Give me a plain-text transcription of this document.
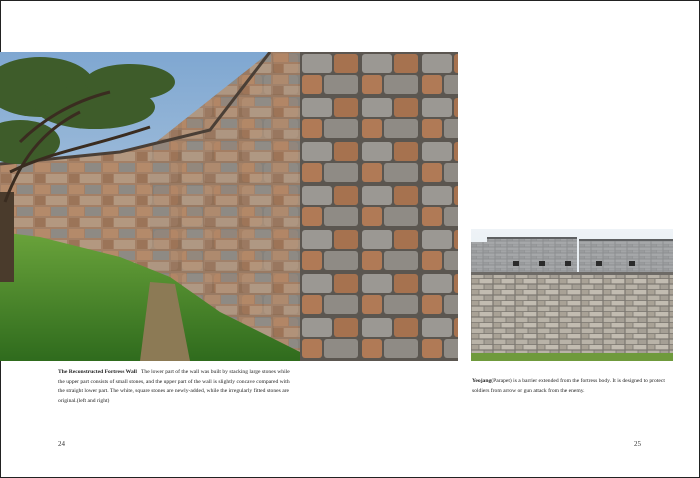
The Reconstructed Fortress Wall The lower part of the wall was built by stacking large stones while the upper part consists of small stones, and the upper part of the wall is slightly concave compared with the straight lower part. The white, square stones are newly-added, while the irregularly fitted stones are original.(left and right)
Yeojang(Parapet) is a barrier extended from the fortress body. It is designed to protect soldiers from arrow or gun attack from the enemy.
24	25
